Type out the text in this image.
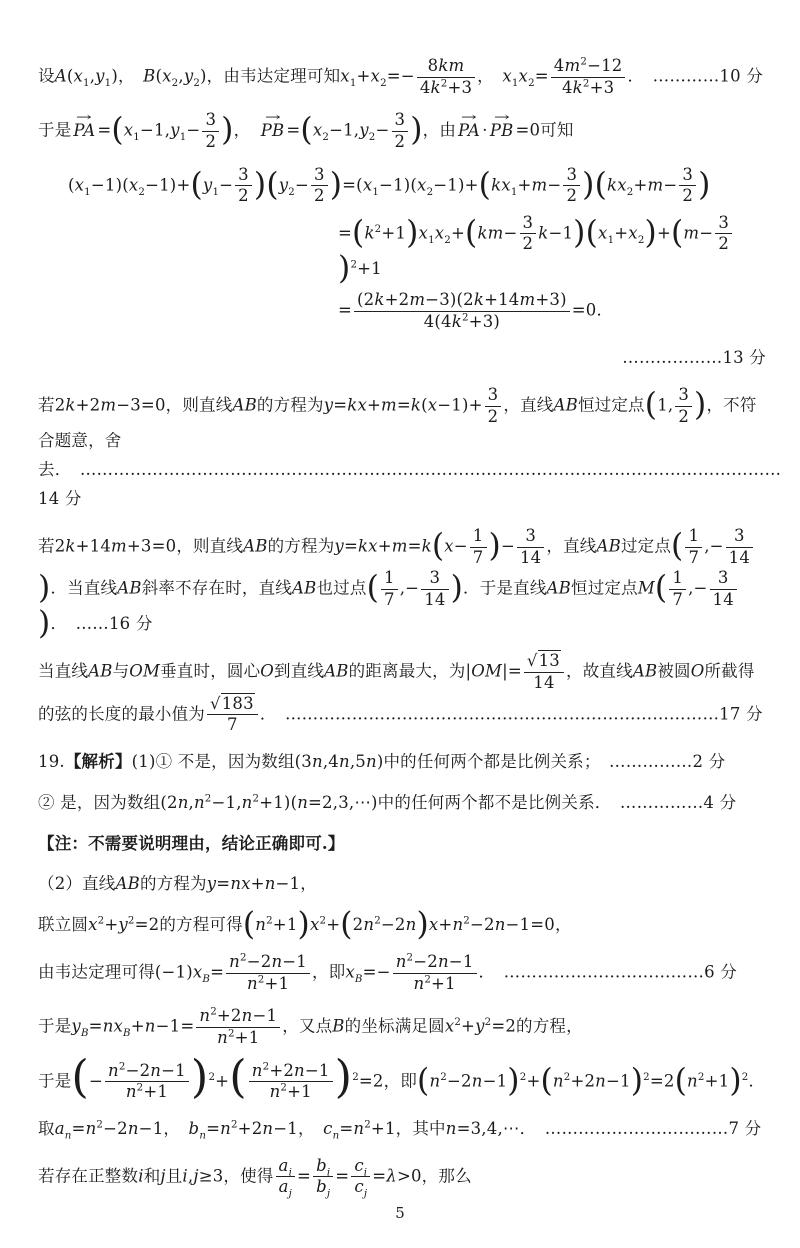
设$A(x_1,y_1)$，　$B(x_2,y_2)$，由韦达定理可知$x_1+x_2=- \frac{8km}{4k^2+3}$ ，　$x_1x_2= \frac{4m^2-12}{4k^2+3}$ ．　…………10 分
于是 PA → $=(x_1-1,y_1- \frac{3}{2}$ )，　PB → $=(x_2-1,y_2- \frac{3}{2}$ )，由 PA → ⋅ PB → =0可知
$(x_1-1)(x_2-1)+(y_1- \frac{3}{2} )(y_2- \frac{3}{2} )=(x_1-1)(x_2-1)+(kx_1+m- \frac{3}{2} )(kx_2+m- \frac{3}{2}$ )
$=(k^2+1)x_1x_2+(km- \frac{3}{2} k-1)(x_1+x_2)+(m- \frac{3}{2}$
)$^2$+1
= $\frac{(2k+2m-3)(2k+14m+3)}{4(4k^2+3)} =0$．
………………13 分
若2k+2m−3=0，则直线AB的方程为$y=kx+m=k(x-1)+ \frac{3}{2}$ ，直线AB恒过定点(1, $\frac{3}{2}$ )，不符合题意，舍去．　………………………………………………………………………………………………………………14 分
若2k+14m+3=0，则直线AB的方程为$y=kx+m=k(x- \frac{1}{7}$ )− $\frac{3}{14}$ ，直线AB过定点( $\frac{1}{7}$ ,− $\frac{3}{14}$
)．当直线AB斜率不存在时，直线AB也过点( $\frac{1}{7}$ ,− $\frac{3}{14}$ )．于是直线AB恒过定点$M( \frac{1}{7}$ ,− $\frac{3}{14}$
)．　……16 分
当直线AB与OM垂直时，圆心O到直线AB的距离最大，为$|OM|= \frac{√13}{14}$ ，故直线AB被圆O所截得的弦的长度的最小值为 $\frac{√183}{7}$ ．　……………………………………………………………………17 分
19.【解析】(1)① 不是，因为数组(3n,4n,5n)中的任何两个都是比例关系；　……………2 分
② 是，因为数组$(2n,n^2-1,n^2+1)(n=2,3,\cdots)$中的任何两个都不是比例关系．　……………4 分
【注：不需要说明理由，结论正确即可.】
（2）直线AB的方程为y=nx+n−1，
联立圆$x^2+y^2=2$的方程可得$(n^2+1)x^2+(2n^2-2n)x+n^2-2n-1=0$，
由韦达定理可得$(-1)x_B= \frac{n^2-2n-1}{n^2+1}$ ，即$x_B=- \frac{n^2-2n-1}{n^2+1}$ ．　………………………………6 分
于是$y_B=nx_B+n-1= \frac{n^2+2n-1}{n^2+1}$ ，又点B的坐标满足圆$x^2+y^2=2$的方程，
于是(− $\frac{n^2-2n-1}{n^2+1} )^2+( \frac{n^2+2n-1}{n^2+1} )^2=2$，即$(n^2-2n-1)^2+(n^2+2n-1)^2=2(n^2+1)^2$．
取$a_n=n^2-2n-1$，　$b_n=n^2+2n-1$，　$c_n=n^2+1$，其中n=3,4,⋯．　……………………………7 分
若存在正整数i和j且i,j≥3，使得 $\frac{a_i}{a_j} = \frac{b_i}{b_j} = \frac{c_i}{c_j} =\lambda>0$，那么
5
